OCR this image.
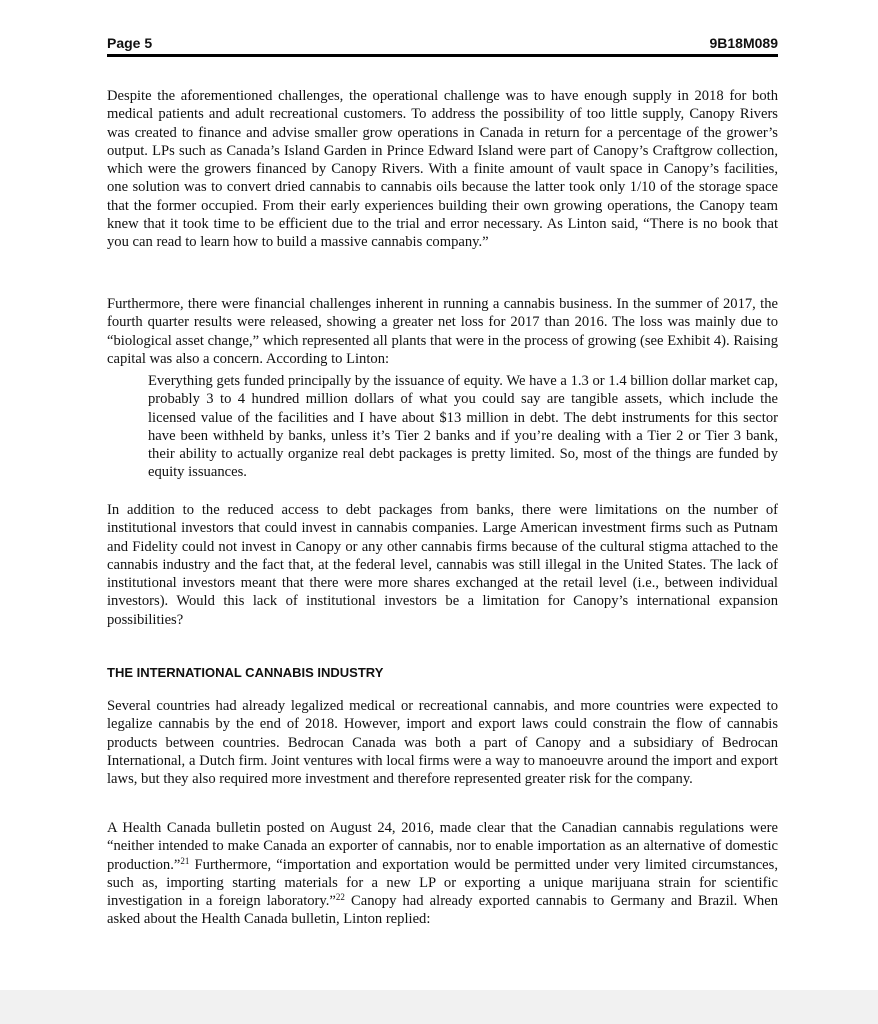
Page 5	9B18M089

Despite the aforementioned challenges, the operational challenge was to have enough supply in 2018 for both medical patients and adult recreational customers. To address the possibility of too little supply, Canopy Rivers was created to finance and advise smaller grow operations in Canada in return for a percentage of the grower’s output. LPs such as Canada’s Island Garden in Prince Edward Island were part of Canopy’s Craftgrow collection, which were the growers financed by Canopy Rivers. With a finite amount of vault space in Canopy’s facilities, one solution was to convert dried cannabis to cannabis oils because the latter took only 1/10 of the storage space that the former occupied. From their early experiences building their own growing operations, the Canopy team knew that it took time to be efficient due to the trial and error necessary. As Linton said, “There is no book that you can read to learn how to build a massive cannabis company.”

Furthermore, there were financial challenges inherent in running a cannabis business. In the summer of 2017, the fourth quarter results were released, showing a greater net loss for 2017 than 2016. The loss was mainly due to “biological asset change,” which represented all plants that were in the process of growing (see Exhibit 4). Raising capital was also a concern. According to Linton:

Everything gets funded principally by the issuance of equity. We have a 1.3 or 1.4 billion dollar market cap, probably 3 to 4 hundred million dollars of what you could say are tangible assets, which include the licensed value of the facilities and I have about $13 million in debt. The debt instruments for this sector have been withheld by banks, unless it’s Tier 2 banks and if you’re dealing with a Tier 2 or Tier 3 bank, their ability to actually organize real debt packages is pretty limited. So, most of the things are funded by equity issuances.

In addition to the reduced access to debt packages from banks, there were limitations on the number of institutional investors that could invest in cannabis companies. Large American investment firms such as Putnam and Fidelity could not invest in Canopy or any other cannabis firms because of the cultural stigma attached to the cannabis industry and the fact that, at the federal level, cannabis was still illegal in the United States. The lack of institutional investors meant that there were more shares exchanged at the retail level (i.e., between individual investors). Would this lack of institutional investors be a limitation for Canopy’s international expansion possibilities?

THE INTERNATIONAL CANNABIS INDUSTRY

Several countries had already legalized medical or recreational cannabis, and more countries were expected to legalize cannabis by the end of 2018. However, import and export laws could constrain the flow of cannabis products between countries. Bedrocan Canada was both a part of Canopy and a subsidiary of Bedrocan International, a Dutch firm. Joint ventures with local firms were a way to manoeuvre around the import and export laws, but they also required more investment and therefore represented greater risk for the company.

A Health Canada bulletin posted on August 24, 2016, made clear that the Canadian cannabis regulations were “neither intended to make Canada an exporter of cannabis, nor to enable importation as an alternative of domestic production.”$^{21}$ Furthermore, “importation and exportation would be permitted under very limited circumstances, such as, importing starting materials for a new LP or exporting a unique marijuana strain for scientific investigation in a foreign laboratory.”$^{22}$ Canopy had already exported cannabis to Germany and Brazil. When asked about the Health Canada bulletin, Linton replied:
